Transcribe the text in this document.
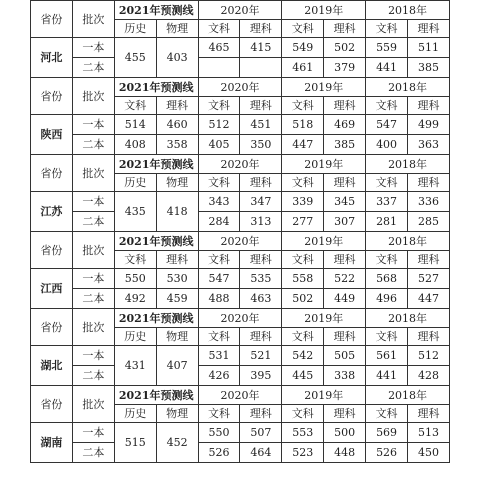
省份	批次	2021年预测线		2020年		2019年		2018年	
		历史	物理	文科	理科	文科	理科	文科	理科
河北	一本	455	403	465	415	549	502	559	511
	二本					461	379	441	385
省份	批次	2021年预测线		2020年		2019年		2018年	
		文科	理科	文科	理科	文科	理科	文科	理科
陕西	一本	514	460	512	451	518	469	547	499
	二本	408	358	405	350	447	385	400	363
省份	批次	2021年预测线		2020年		2019年		2018年	
		历史	物理	文科	理科	文科	理科	文科	理科
江苏	一本	435	418	343	347	339	345	337	336
	二本			284	313	277	307	281	285
省份	批次	2021年预测线		2020年		2019年		2018年	
		文科	理科	文科	理科	文科	理科	文科	理科
江西	一本	550	530	547	535	558	522	568	527
	二本	492	459	488	463	502	449	496	447
省份	批次	2021年预测线		2020年		2019年		2018年	
		历史	物理	文科	理科	文科	理科	文科	理科
湖北	一本	431	407	531	521	542	505	561	512
	二本			426	395	445	338	441	428
省份	批次	2021年预测线		2020年		2019年		2018年	
		历史	物理	文科	理科	文科	理科	文科	理科
湖南	一本	515	452	550	507	553	500	569	513
	二本			526	464	523	448	526	450
